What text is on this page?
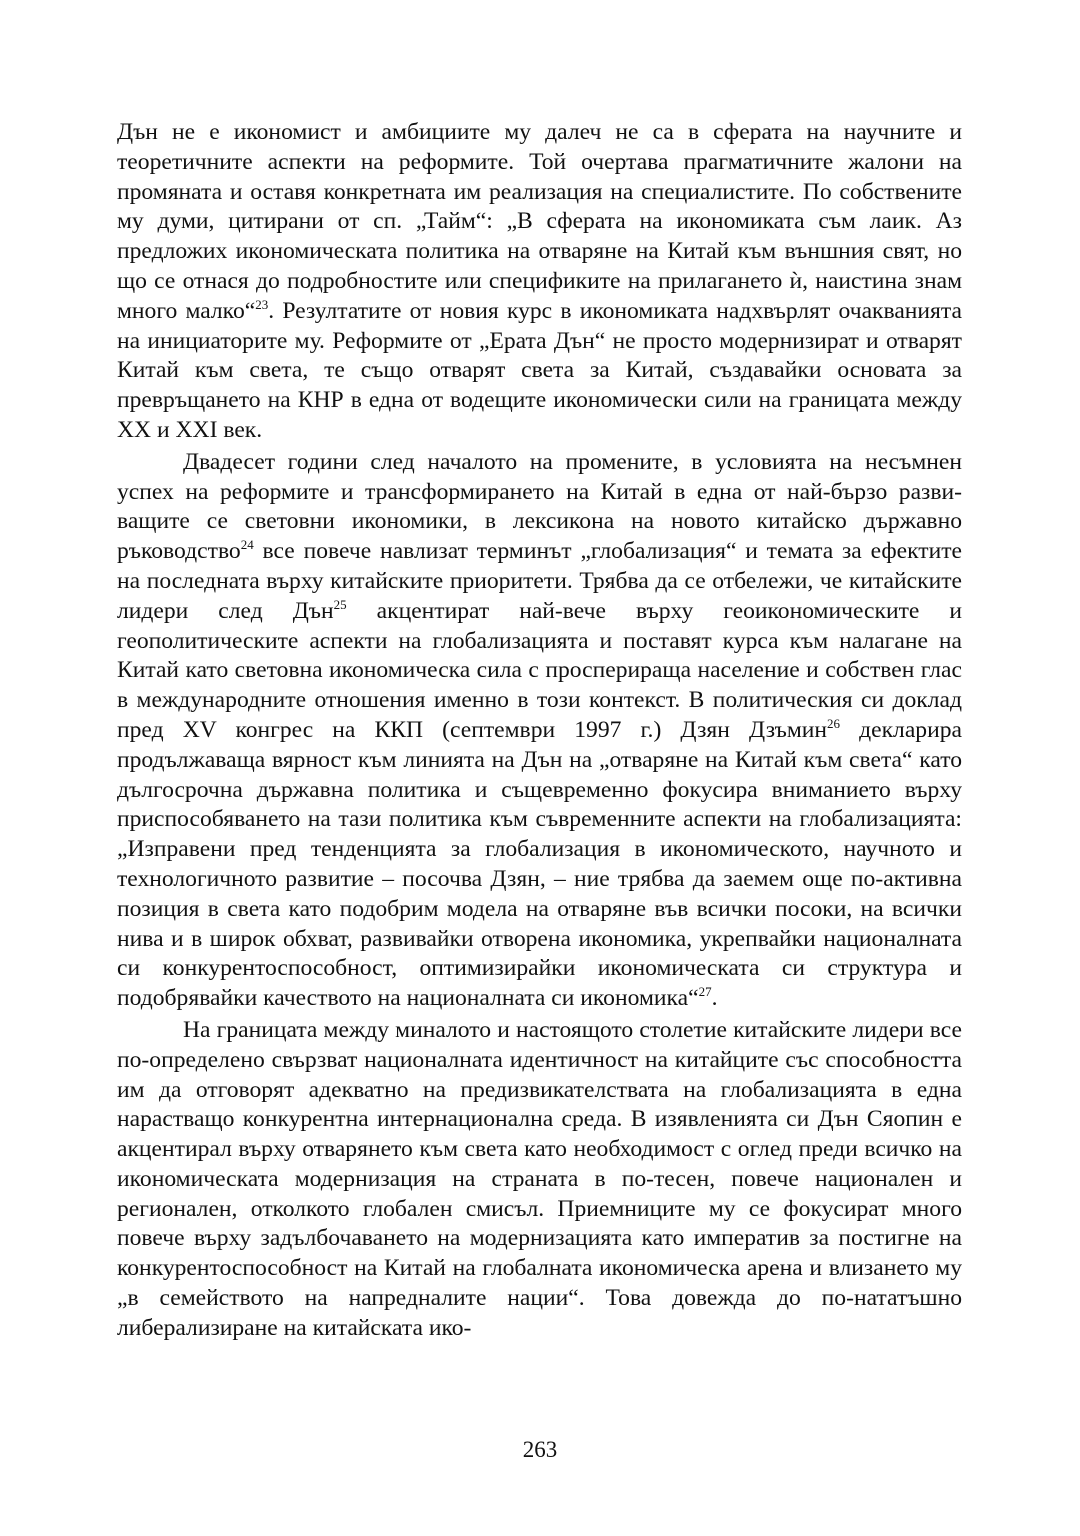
Дън не е икономист и амбициите му далеч не са в сферата на научните и теоретичните аспекти на реформите. Той очертава прагматичните жалони на промяната и оставя конкретната им реализация на специалистите. По собствените му думи, цитирани от сп. „Тайм“: „В сферата на икономиката съм лаик. Аз предложих икономическата политика на отваряне на Китай към външния свят, но що се отнася до подробностите или спецификите на прилагането ѝ, наистина знам много малко“$^{23}$. Резултатите от новия курс в икономиката надхвърлят очакванията на инициаторите му. Реформите от „Ерата Дън“ не просто модернизират и отварят Китай към света, те също отварят света за Китай, създавайки основата за превръщането на КНР в една от водещите икономически сили на границата между XX и XXI век.

Двадесет години след началото на промените, в условията на несъмнен успех на реформите и трансформирането на Китай в една от най-бързо развиващите се световни икономики, в лексикона на новото китайско държавно ръководство$^{24}$ все повече навлизат терминът „глобализация“ и темата за ефектите на последната върху китайските приоритети. Трябва да се отбележи, че китайските лидери след Дън$^{25}$ акцентират най-вече върху геоикономическите и геополитическите аспекти на глобализацията и поставят курса към налагане на Китай като световна икономическа сила с просперираща население и собствен глас в международните отношения именно в този контекст. В политическия си доклад пред XV конгрес на ККП (септември 1997 г.) Дзян Дзъмин$^{26}$ декларира продължаваща вярност към линията на Дън на „отваряне на Китай към света“ като дългосрочна държавна политика и същевременно фокусира вниманието върху приспособяването на тази политика към съвременните аспекти на глобализацията: „Изправени пред тенденцията за глобализация в икономическото, научното и технологичното развитие – посочва Дзян, – ние трябва да заемем още по-активна позиция в света като подобрим модела на отваряне във всички посоки, на всички нива и в широк обхват, развивайки отворена икономика, укрепвайки националната си конкурентоспособност, оптимизирайки икономическата си структура и подобрявайки качеството на националната си икономика“$^{27}$.

На границата между миналото и настоящото столетие китайските лидери все по-определено свързват националната идентичност на китайците със способността им да отговорят адекватно на предизвикателствата на глобализацията в една нарастващо конкурентна интернационална среда. В изявленията си Дън Сяопин е акцентирал върху отварянето към света като необходимост с оглед преди всичко на икономическата модернизация на страната в по-тесен, повече национален и регионален, отколкото глобален смисъл. Приемниците му се фокусират много повече върху задълбочаването на модернизацията като императив за постигне на конкурентоспособност на Китай на глобалната икономическа арена и влизането му „в семейството на напредналите нации“. Това довежда до по-нататъшно либерализиране на китайската ико-

263
